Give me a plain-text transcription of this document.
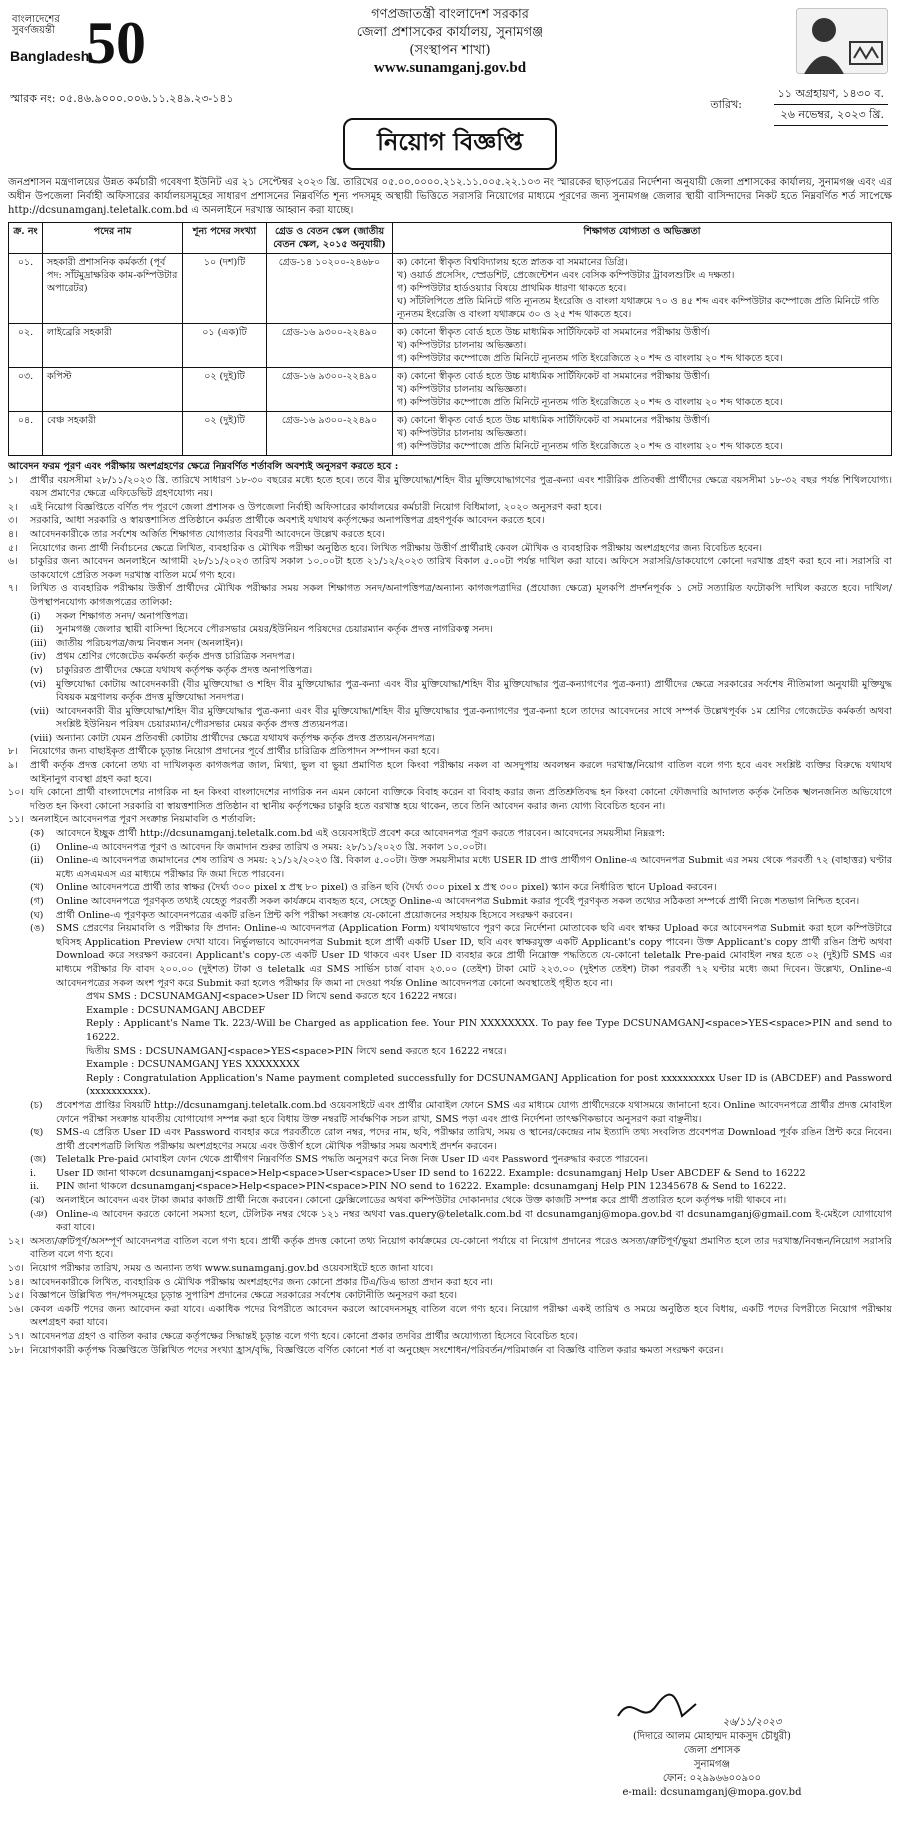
বাংলাদেশের
সুবর্ণজয়ন্তী
Bangladesh
50	গণপ্রজাতন্ত্রী বাংলাদেশ সরকার
জেলা প্রশাসকের কার্যালয়, সুনামগঞ্জ
(সংস্থাপন শাখা)
www.sunamganj.gov.bd
স্মারক নং: ০৫.৪৬.৯০০০.০০৬.১১.২৪৯.২৩-১৪১	তারিখ:
১১ অগ্রহায়ণ, ১৪৩০ ব.
২৬ নভেম্বর, ২০২৩ খ্রি.
নিয়োগ বিজ্ঞপ্তি
জনপ্রশাসন মন্ত্রণালয়ের উন্নত কর্মচারী গবেষণা ইউনিট এর ২১ সেপ্টেম্বর ২০২৩ খ্রি. তারিখের ০৫.০০.০০০০.২১২.১১.০০৫.২২.১০৩ নং স্মারকের ছাড়পত্রের নির্দেশনা অনুযায়ী জেলা প্রশাসকের কার্যালয়, সুনামগঞ্জ এবং এর অধীন উপজেলা নির্বাহী অফিসারের কার্যালয়সমূহের সাধারণ প্রশাসনের নিম্নবর্ণিত শূন্য পদসমূহ অস্থায়ী ভিত্তিতে সরাসরি নিয়োগের মাধ্যমে পূরণের জন্য সুনামগঞ্জ জেলার স্থায়ী বাসিন্দাদের নিকট হতে নিম্নবর্ণিত শর্ত সাপেক্ষে http://dcsunamganj.teletalk.com.bd এ অনলাইনে দরখাস্ত আহ্বান করা যাচ্ছে।
ক্র. নং	পদের নাম	শূন্য পদের সংখ্যা	গ্রেড ও বেতন স্কেল (জাতীয় বেতন স্কেল, ২০১৫ অনুযায়ী)	শিক্ষাগত যোগ্যতা ও অভিজ্ঞতা
০১.	সহকারী প্রশাসনিক কর্মকর্তা (পূর্ব পদ: সাঁটমুদ্রাক্ষরিক কাম-কম্পিউটার অপারেটর)	১০ (দশ)টি	গ্রেড-১৪ ১০২০০-২৪৬৮০	ক) কোনো স্বীকৃত বিশ্ববিদ্যালয় হতে স্নাতক বা সমমানের ডিগ্রি।
খ) ওয়ার্ড প্রসেসিং, স্প্রেডশিট, প্রেজেন্টেশন এবং বেসিক কম্পিউটার ট্রাবলশুটিং এ দক্ষতা।
গ) কম্পিউটার হার্ডওয়্যার বিষয়ে প্রাথমিক ধারণা থাকতে হবে।
ঘ) সাঁটলিপিতে প্রতি মিনিটে গতি ন্যূনতম ইংরেজি ও বাংলা যথাক্রমে ৭০ ও ৪৫ শব্দ এবং কম্পিউটার কম্পোজে প্রতি মিনিটে গতি ন্যূনতম ইংরেজি ও বাংলা যথাক্রমে ৩০ ও ২৫ শব্দ থাকতে হবে।

০২.	লাইব্রেরি সহকারী	০১ (এক)টি	গ্রেড-১৬ ৯৩০০-২২৪৯০	ক) কোনো স্বীকৃত বোর্ড হতে উচ্চ মাধ্যমিক সার্টিফিকেট বা সমমানের পরীক্ষায় উত্তীর্ণ।
খ) কম্পিউটার চালনায় অভিজ্ঞতা।
গ) কম্পিউটার কম্পোজে প্রতি মিনিটে ন্যূনতম গতি ইংরেজিতে ২০ শব্দ ও বাংলায় ২০ শব্দ থাকতে হবে।

০৩.	কপিস্ট	০২ (দুই)টি	গ্রেড-১৬ ৯৩০০-২২৪৯০	ক) কোনো স্বীকৃত বোর্ড হতে উচ্চ মাধ্যমিক সার্টিফিকেট বা সমমানের পরীক্ষায় উত্তীর্ণ।
খ) কম্পিউটার চালনায় অভিজ্ঞতা।
গ) কম্পিউটার কম্পোজে প্রতি মিনিটে ন্যূনতম গতি ইংরেজিতে ২০ শব্দ ও বাংলায় ২০ শব্দ থাকতে হবে।

০৪.	বেঞ্চ সহকারী	০২ (দুই)টি	গ্রেড-১৬ ৯৩০০-২২৪৯০	ক) কোনো স্বীকৃত বোর্ড হতে উচ্চ মাধ্যমিক সার্টিফিকেট বা সমমানের পরীক্ষায় উত্তীর্ণ।
খ) কম্পিউটার চালনায় অভিজ্ঞতা।
গ) কম্পিউটার কম্পোজে প্রতি মিনিটে ন্যূনতম গতি ইংরেজিতে ২০ শব্দ ও বাংলায় ২০ শব্দ থাকতে হবে।
আবেদন ফরম পূরণ এবং পরীক্ষায় অংশগ্রহণের ক্ষেত্রে নিম্নবর্ণিত শর্তাবলি অবশ্যই অনুসরণ করতে হবে :
১।	প্রার্থীর বয়সসীমা ২৮/১১/২০২৩ খ্রি. তারিখে সাধারণ ১৮-৩০ বছরের মধ্যে হতে হবে। তবে বীর মুক্তিযোদ্ধা/শহিদ বীর মুক্তিযোদ্ধাগণের পুত্র-কন্যা এবং শারীরিক প্রতিবন্ধী প্রার্থীদের ক্ষেত্রে বয়সসীমা ১৮-৩২ বছর পর্যন্ত শিথিলযোগ্য। বয়স প্রমাণের ক্ষেত্রে এফিডেভিট গ্রহণযোগ্য নয়।
২।	এই নিয়োগ বিজ্ঞপ্তিতে বর্ণিত পদ পূরণে জেলা প্রশাসক ও উপজেলা নির্বাহী অফিসারের কার্যালয়ের কর্মচারী নিয়োগ বিধিমালা, ২০২০ অনুসরণ করা হবে।
৩।	সরকারি, আধা সরকারি ও স্বায়ত্তশাসিত প্রতিষ্ঠানে কর্মরত প্রার্থীকে অবশ্যই যথাযথ কর্তৃপক্ষের অনাপত্তিপত্র গ্রহণপূর্বক আবেদন করতে হবে।
৪।	আবেদনকারীকে তার সর্বশেষ অর্জিত শিক্ষাগত যোগ্যতার বিবরণী আবেদনে উল্লেখ করতে হবে।
৫।	নিয়োগের জন্য প্রার্থী নির্বাচনের ক্ষেত্রে লিখিত, ব্যবহারিক ও মৌখিক পরীক্ষা অনুষ্ঠিত হবে। লিখিত পরীক্ষায় উত্তীর্ণ প্রার্থীরাই কেবল মৌখিক ও ব্যবহারিক পরীক্ষায় অংশগ্রহণের জন্য বিবেচিত হবেন।
৬।	চাকুরির জন্য আবেদন অনলাইনে আগামী ২৮/১১/২০২৩ তারিখ সকাল ১০.০০টা হতে ২১/১২/২০২৩ তারিখ বিকাল ৫.০০টা পর্যন্ত দাখিল করা যাবে। অফিসে সরাসরি/ডাকযোগে কোনো দরখাস্ত গ্রহণ করা হবে না। সরাসরি বা ডাকযোগে প্রেরিত সকল দরখাস্ত বাতিল মর্মে গণ্য হবে।
৭।	লিখিত ও ব্যবহারিক পরীক্ষায় উত্তীর্ণ প্রার্থীদের মৌখিক পরীক্ষার সময় সকল শিক্ষাগত সনদ/অনাপত্তিপত্র/অন্যান্য কাগজপত্রাদির (প্রযোজ্য ক্ষেত্রে) মূলকপি প্রদর্শনপূর্বক ১ সেট সত্যায়িত ফটোকপি দাখিল করতে হবে। দাখিল/উপস্থাপনযোগ্য কাগজপত্রের তালিকা:
(i)	সকল শিক্ষাগত সনদ/ অনাপত্তিপত্র।
(ii)	সুনামগঞ্জ জেলার স্থায়ী বাসিন্দা হিসেবে পৌরসভার মেয়র/ইউনিয়ন পরিষদের চেয়ারম্যান কর্তৃক প্রদত্ত নাগরিকত্ব সনদ।
(iii) জাতীয় পরিচয়পত্র/জন্ম নিবন্ধন সনদ (অনলাইন)।
(iv)	প্রথম শ্রেণির গেজেটেড কর্মকর্তা কর্তৃক প্রদত্ত চারিত্রিক সনদপত্র।
(v)	চাকুরিরত প্রার্থীদের ক্ষেত্রে যথাযথ কর্তৃপক্ষ কর্তৃক প্রদত্ত অনাপত্তিপত্র।
(vi)	মুক্তিযোদ্ধা কোটায় আবেদনকারী (বীর মুক্তিযোদ্ধা ও শহিদ বীর মুক্তিযোদ্ধার পুত্র-কন্যা এবং বীর মুক্তিযোদ্ধা/শহিদ বীর মুক্তিযোদ্ধার পুত্র-কন্যাগণের পুত্র-কন্যা) প্রার্থীদের ক্ষেত্রে সরকারের সর্বশেষ নীতিমালা অনুযায়ী মুক্তিযুদ্ধ বিষয়ক মন্ত্রণালয় কর্তৃক প্রদত্ত মুক্তিযোদ্ধা সনদপত্র।
(vii) আবেদনকারী বীর মুক্তিযোদ্ধা/শহিদ বীর মুক্তিযোদ্ধার পুত্র-কন্যা এবং বীর মুক্তিযোদ্ধা/শহিদ বীর মুক্তিযোদ্ধার পুত্র-কন্যাগণের পুত্র-কন্যা হলে তাদের আবেদনের সাথে সম্পর্ক উল্লেখপূর্বক ১ম শ্রেণির গেজেটেড কর্মকর্তা অথবা সংশ্লিষ্ট ইউনিয়ন পরিষদ চেয়ারম্যান/পৌরসভার মেয়র কর্তৃক প্রদত্ত প্রত্যয়নপত্র।
(viii) অন্যান্য কোটা যেমন প্রতিবন্ধী কোটায় প্রার্থীদের ক্ষেত্রে যথাযথ কর্তৃপক্ষ কর্তৃক প্রদত্ত প্রত্যয়ন/সনদপত্র।
৮।	নিয়োগের জন্য বাছাইকৃত প্রার্থীকে চূড়ান্ত নিয়োগ প্রদানের পূর্বে প্রার্থীর চারিত্রিক প্রতিপাদন সম্পাদন করা হবে।
৯।	প্রার্থী কর্তৃক প্রদত্ত কোনো তথ্য বা দাখিলকৃত কাগজপত্র জাল, মিথ্যা, ভুল বা ভুয়া প্রমাণিত হলে কিংবা পরীক্ষায় নকল বা অসদুপায় অবলম্বন করলে দরখাস্ত/নিয়োগ বাতিল বলে গণ্য হবে এবং সংশ্লিষ্ট ব্যক্তির বিরুদ্ধে যথাযথ আইনানুগ ব্যবস্থা গ্রহণ করা হবে।
১০। যদি কোনো প্রার্থী বাংলাদেশের নাগরিক না হন কিংবা বাংলাদেশের নাগরিক নন এমন কোনো ব্যক্তিকে বিবাহ করেন বা বিবাহ করার জন্য প্রতিশ্রুতিবদ্ধ হন কিংবা কোনো ফৌজদারি আদালত কর্তৃক নৈতিক স্খলনজনিত অভিযোগে দণ্ডিত হন কিংবা কোনো সরকারি বা স্বায়ত্তশাসিত প্রতিষ্ঠান বা স্থানীয় কর্তৃপক্ষের চাকুরি হতে বরখাস্ত হয়ে থাকেন, তবে তিনি আবেদন করার জন্য যোগ্য বিবেচিত হবেন না।
১১। অনলাইনে আবেদনপত্র পূরণ সংক্রান্ত নিয়মাবলি ও শর্তাবলি:
(ক)	আবেদনে ইচ্ছুক প্রার্থী http://dcsunamganj.teletalk.com.bd এই ওয়েবসাইটে প্রবেশ করে আবেদনপত্র পূরণ করতে পারবেন। আবেদনের সময়সীমা নিম্নরূপ:
(i)	Online-এ আবেদনপত্র পূরণ ও আবেদন ফি জমাদান শুরুর তারিখ ও সময়: ২৮/১১/২০২৩ খ্রি. সকাল ১০.০০টা।
(ii)	Online-এ আবেদনপত্র জমাদানের শেষ তারিখ ও সময়: ২১/১২/২০২৩ খ্রি. বিকাল ৫.০০টা। উক্ত সময়সীমার মধ্যে USER ID প্রাপ্ত প্রার্থীগণ Online-এ আবেদনপত্র Submit এর সময় থেকে পরবর্তী ৭২ (বাহাত্তর) ঘণ্টার মধ্যে এসএমএস এর মাধ্যমে পরীক্ষার ফি জমা দিতে পারবেন।
(খ)	Online আবেদনপত্রে প্রার্থী তার স্বাক্ষর (দৈর্ঘ্য ৩০০ pixel x প্রস্থ ৮০ pixel) ও রঙিন ছবি (দৈর্ঘ্য ৩০০ pixel x প্রস্থ ৩০০ pixel) স্ক্যান করে নির্ধারিত স্থানে Upload করবেন।
(গ)	Online আবেদনপত্রে পূরণকৃত তথ্যই যেহেতু পরবর্তী সকল কার্যক্রমে ব্যবহৃত হবে, সেহেতু Online-এ আবেদনপত্র Submit করার পূর্বেই পূরণকৃত সকল তথ্যের সঠিকতা সম্পর্কে প্রার্থী নিজে শতভাগ নিশ্চিত হবেন।
(ঘ)	প্রার্থী Online-এ পূরণকৃত আবেদনপত্রের একটি রঙিন প্রিন্ট কপি পরীক্ষা সংক্রান্ত যে-কোনো প্রয়োজনের সহায়ক হিসেবে সংরক্ষণ করবেন।
(ঙ)	SMS প্রেরণের নিয়মাবলি ও পরীক্ষার ফি প্রদান: Online-এ আবেদনপত্র (Application Form) যথাযথভাবে পূরণ করে নির্দেশনা মোতাবেক ছবি এবং স্বাক্ষর Upload করে আবেদনপত্র Submit করা হলে কম্পিউটারে ছবিসহ Application Preview দেখা যাবে। নির্ভুলভাবে আবেদনপত্র Submit হলে প্রার্থী একটি User ID, ছবি এবং স্বাক্ষরযুক্ত একটি Applicant's copy পাবেন। উক্ত Applicant's copy প্রার্থী রঙিন প্রিন্ট অথবা Download করে সংরক্ষণ করবেন। Applicant's copy-তে একটি User ID থাকবে এবং User ID ব্যবহার করে প্রার্থী নিম্নোক্ত পদ্ধতিতে যে-কোনো teletalk Pre-paid মোবাইল নম্বর হতে ০২ (দুই)টি SMS এর মাধ্যমে পরীক্ষার ফি বাবদ ২০০.০০ (দুইশত) টাকা ও teletalk এর SMS সার্ভিস চার্জ বাবদ ২৩.০০ (তেইশ) টাকা মোট ২২৩.০০ (দুইশত তেইশ) টাকা পরবর্তী ৭২ ঘণ্টার মধ্যে জমা দিবেন। উল্লেখ্য, Online-এ আবেদনপত্রের সকল অংশ পূরণ করে Submit করা হলেও পরীক্ষার ফি জমা না দেওয়া পর্যন্ত Online আবেদনপত্র কোনো অবস্থাতেই গৃহীত হবে না।
প্রথম SMS : DCSUNAMGANJ<space>User ID লিখে send করতে হবে 16222 নম্বরে।
Example : DCSUNAMGANJ ABCDEF
Reply : Applicant's Name Tk. 223/-Will be Charged as application fee. Your PIN XXXXXXXX. To pay fee Type DCSUNAMGANJ<space>YES<space>PIN and send to 16222.
দ্বিতীয় SMS : DCSUNAMGANJ<space>YES<space>PIN লিখে send করতে হবে 16222 নম্বরে।
Example : DCSUNAMGANJ YES XXXXXXXX
Reply : Congratulation Application's Name payment completed successfully for DCSUNAMGANJ Application for post xxxxxxxxxx User ID is (ABCDEF) and Password (xxxxxxxxxx).
(চ)	প্রবেশপত্র প্রাপ্তির বিষয়টি http://dcsunamganj.teletalk.com.bd ওয়েবসাইটে এবং প্রার্থীর মোবাইল ফোনে SMS এর মাধ্যমে যোগ্য প্রার্থীদেরকে যথাসময়ে জানানো হবে। Online আবেদনপত্রে প্রার্থীর প্রদত্ত মোবাইল ফোনে পরীক্ষা সংক্রান্ত যাবতীয় যোগাযোগ সম্পন্ন করা হবে বিধায় উক্ত নম্বরটি সার্বক্ষণিক সচল রাখা, SMS পড়া এবং প্রাপ্ত নির্দেশনা তাৎক্ষণিকভাবে অনুসরণ করা বাঞ্ছনীয়।
(ছ)	SMS-এ প্রেরিত User ID এবং Password ব্যবহার করে পরবর্তীতে রোল নম্বর, পদের নাম, ছবি, পরীক্ষার তারিখ, সময় ও স্থানের/কেন্দ্রের নাম ইত্যাদি তথ্য সংবলিত প্রবেশপত্র Download পূর্বক রঙিন প্রিন্ট করে নিবেন। প্রার্থী প্রবেশপত্রটি লিখিত পরীক্ষায় অংশগ্রহণের সময়ে এবং উত্তীর্ণ হলে মৌখিক পরীক্ষার সময় অবশ্যই প্রদর্শন করবেন।
(জ)	Teletalk Pre-paid মোবাইল ফোন থেকে প্রার্থীগণ নিম্নবর্ণিত SMS পদ্ধতি অনুসরণ করে নিজ নিজ User ID এবং Password পুনরুদ্ধার করতে পারবেন।
i.	User ID জানা থাকলে dcsunamganj<space>Help<space>User<space>User ID send to 16222. Example: dcsunamganj Help User ABCDEF & Send to 16222
ii.	PIN জানা থাকলে dcsunamganj<space>Help<space>PIN<space>PIN NO send to 16222. Example: dcsunamganj Help PIN 12345678 & Send to 16222.
(ঝ)	অনলাইনে আবেদন এবং টাকা জমার কাজটি প্রার্থী নিজে করবেন। কোনো ফ্লেক্সিলোডের অথবা কম্পিউটার দোকানদার থেকে উক্ত কাজটি সম্পন্ন করে প্রার্থী প্রতারিত হলে কর্তৃপক্ষ দায়ী থাকবে না।
(ঞ) Online-এ আবেদন করতে কোনো সমস্যা হলে, টেলিটক নম্বর থেকে ১২১ নম্বর অথবা vas.query@teletalk.com.bd বা dcsunamganj@mopa.gov.bd বা dcsunamganj@gmail.com ই-মেইলে যোগাযোগ করা যাবে।
১২। অসত্য/ত্রুটিপূর্ণ/অসম্পূর্ণ আবেদনপত্র বাতিল বলে গণ্য হবে। প্রার্থী কর্তৃক প্রদত্ত কোনো তথ্য নিয়োগ কার্যক্রমের যে-কোনো পর্যায়ে বা নিয়োগ প্রদানের পরেও অসত্য/ত্রুটিপূর্ণ/ভুয়া প্রমাণিত হলে তার দরখাস্ত/নিবন্ধন/নিয়োগ সরাসরি বাতিল বলে গণ্য হবে।
১৩। নিয়োগ পরীক্ষার তারিখ, সময় ও অন্যান্য তথ্য www.sunamganj.gov.bd ওয়েবসাইটে হতে জানা যাবে।
১৪। আবেদনকারীকে লিখিত, ব্যবহারিক ও মৌখিক পরীক্ষায় অংশগ্রহণের জন্য কোনো প্রকার টিএ/ডিএ ভাতা প্রদান করা হবে না।
১৫। বিজ্ঞাপনে উল্লিখিত পদ/পদসমূহের চূড়ান্ত সুপারিশ প্রদানের ক্ষেত্রে সরকারের সর্বশেষ কোটানীতি অনুসরণ করা হবে।
১৬। কেবল একটি পদের জন্য আবেদন করা যাবে। একাধিক পদের বিপরীতে আবেদন করলে আবেদনসমূহ বাতিল বলে গণ্য হবে। নিয়োগ পরীক্ষা একই তারিখ ও সময়ে অনুষ্ঠিত হবে বিধায়, একটি পদের বিপরীতে নিয়োগ পরীক্ষায় অংশগ্রহণ করা যাবে।
১৭। আবেদনপত্র গ্রহণ ও বাতিল করার ক্ষেত্রে কর্তৃপক্ষের সিদ্ধান্তই চূড়ান্ত বলে গণ্য হবে। কোনো প্রকার তদবির প্রার্থীর অযোগ্যতা হিসেবে বিবেচিত হবে।
১৮। নিয়োগকারী কর্তৃপক্ষ বিজ্ঞপ্তিতে উল্লিখিত পদের সংখ্যা হ্রাস/বৃদ্ধি, বিজ্ঞপ্তিতে বর্ণিত কোনো শর্ত বা অনুচ্ছেদ সংশোধন/পরিবর্তন/পরিমার্জন বা বিজ্ঞপ্তি বাতিল করার ক্ষমতা সংরক্ষণ করেন।
২৬/১১/২০২৩
(দিদারে আলম মোহাম্মদ মাকসুদ চৌধুরী)
জেলা প্রশাসক
সুনামগঞ্জ
ফোন: ০২৯৯৬৬০০৯০০
e-mail: dcsunamganj@mopa.gov.bd
